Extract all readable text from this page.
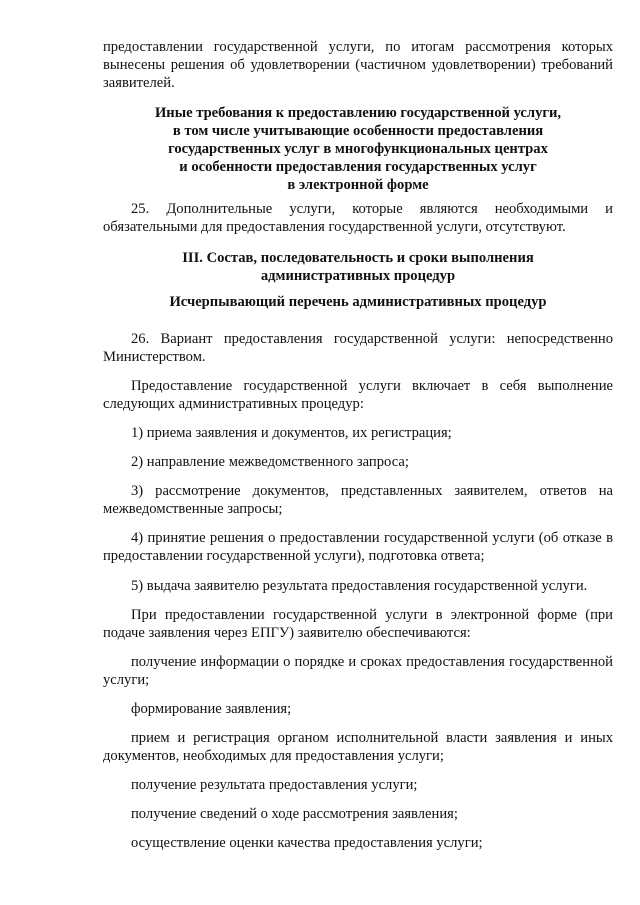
предоставлении государственной услуги, по итогам рассмотрения которых вынесены решения об удовлетворении (частичном удовлетворении) требований заявителей.

Иные требования к предоставлению государственной услуги,
в том числе учитывающие особенности предоставления
государственных услуг в многофункциональных центрах
и особенности предоставления государственных услуг
в электронной форме

25. Дополнительные услуги, которые являются необходимыми и обязательными для предоставления государственной услуги, отсутствуют.

III. Состав, последовательность и сроки выполнения
административных процедур
Исчерпывающий перечень административных процедур

26. Вариант предоставления государственной услуги: непосредственно Министерством.

Предоставление государственной услуги включает в себя выполнение следующих административных процедур:

1) приема заявления и документов, их регистрация;

2) направление межведомственного запроса;

3) рассмотрение документов, представленных заявителем, ответов на межведомственные запросы;

4) принятие решения о предоставлении государственной услуги (об отказе в предоставлении государственной услуги), подготовка ответа;

5) выдача заявителю результата предоставления государственной услуги.

При предоставлении государственной услуги в электронной форме (при подаче заявления через ЕПГУ) заявителю обеспечиваются:

получение информации о порядке и сроках предоставления государственной услуги;

формирование заявления;

прием и регистрация органом исполнительной власти заявления и иных документов, необходимых для предоставления услуги;

получение результата предоставления услуги;

получение сведений о ходе рассмотрения заявления;

осуществление оценки качества предоставления услуги;
